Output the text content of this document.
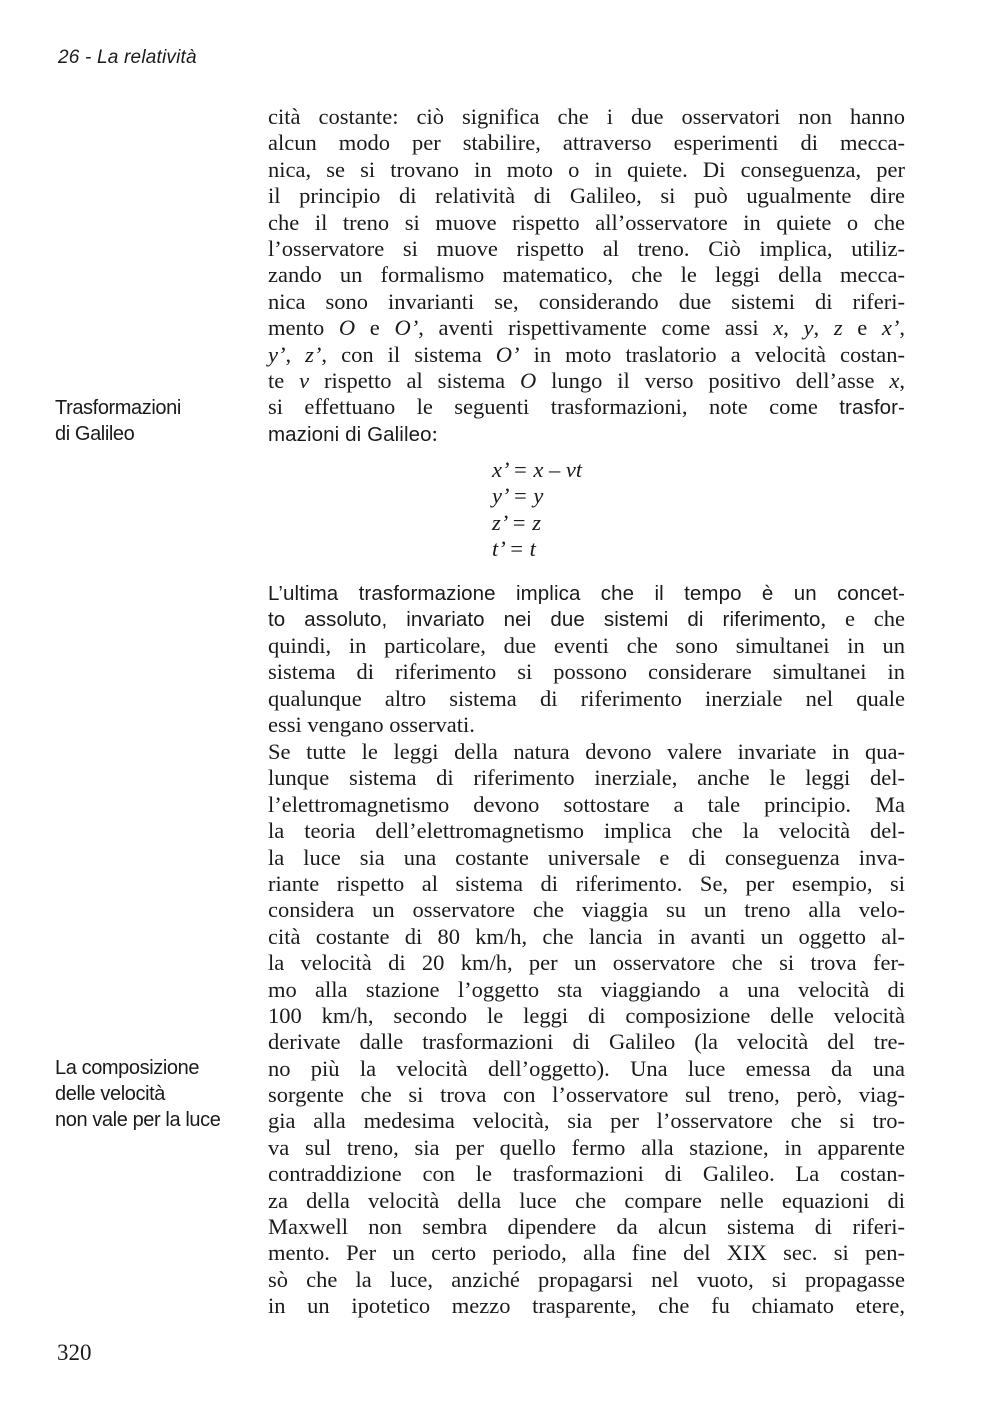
26 - La relatività
Trasformazioni
di Galileo
La composizione
delle velocità
non vale per la luce
cità costante: ciò significa che i due osservatori non hanno
alcun modo per stabilire, attraverso esperimenti di mecca-
nica, se si trovano in moto o in quiete. Di conseguenza, per
il principio di relatività di Galileo, si può ugualmente dire
che il treno si muove rispetto all’osservatore in quiete o che
l’osservatore si muove rispetto al treno. Ciò implica, utiliz-
zando un formalismo matematico, che le leggi della mecca-
nica sono invarianti se, considerando due sistemi di riferi-
mento O e O’, aventi rispettivamente come assi x, y, z e x’,
y’, z’, con il sistema O’ in moto traslatorio a velocità costan-
te v rispetto al sistema O lungo il verso positivo dell’asse x,
si effettuano le seguenti trasformazioni, note come trasfor-
mazioni di Galileo:
x’ = x – vt
y’ = y
z’ = z
t’ = t
L’ultima trasformazione implica che il tempo è un concet-
to assoluto, invariato nei due sistemi di riferimento, e che
quindi, in particolare, due eventi che sono simultanei in un
sistema di riferimento si possono considerare simultanei in
qualunque altro sistema di riferimento inerziale nel quale
essi vengano osservati.
Se tutte le leggi della natura devono valere invariate in qua-
lunque sistema di riferimento inerziale, anche le leggi del-
l’elettromagnetismo devono sottostare a tale principio. Ma
la teoria dell’elettromagnetismo implica che la velocità del-
la luce sia una costante universale e di conseguenza inva-
riante rispetto al sistema di riferimento. Se, per esempio, si
considera un osservatore che viaggia su un treno alla velo-
cità costante di 80 km/h, che lancia in avanti un oggetto al-
la velocità di 20 km/h, per un osservatore che si trova fer-
mo alla stazione l’oggetto sta viaggiando a una velocità di
100 km/h, secondo le leggi di composizione delle velocità
derivate dalle trasformazioni di Galileo (la velocità del tre-
no più la velocità dell’oggetto). Una luce emessa da una
sorgente che si trova con l’osservatore sul treno, però, viag-
gia alla medesima velocità, sia per l’osservatore che si tro-
va sul treno, sia per quello fermo alla stazione, in apparente
contraddizione con le trasformazioni di Galileo. La costan-
za della velocità della luce che compare nelle equazioni di
Maxwell non sembra dipendere da alcun sistema di riferi-
mento. Per un certo periodo, alla fine del XIX sec. si pen-
sò che la luce, anziché propagarsi nel vuoto, si propagasse
in un ipotetico mezzo trasparente, che fu chiamato etere,
320
